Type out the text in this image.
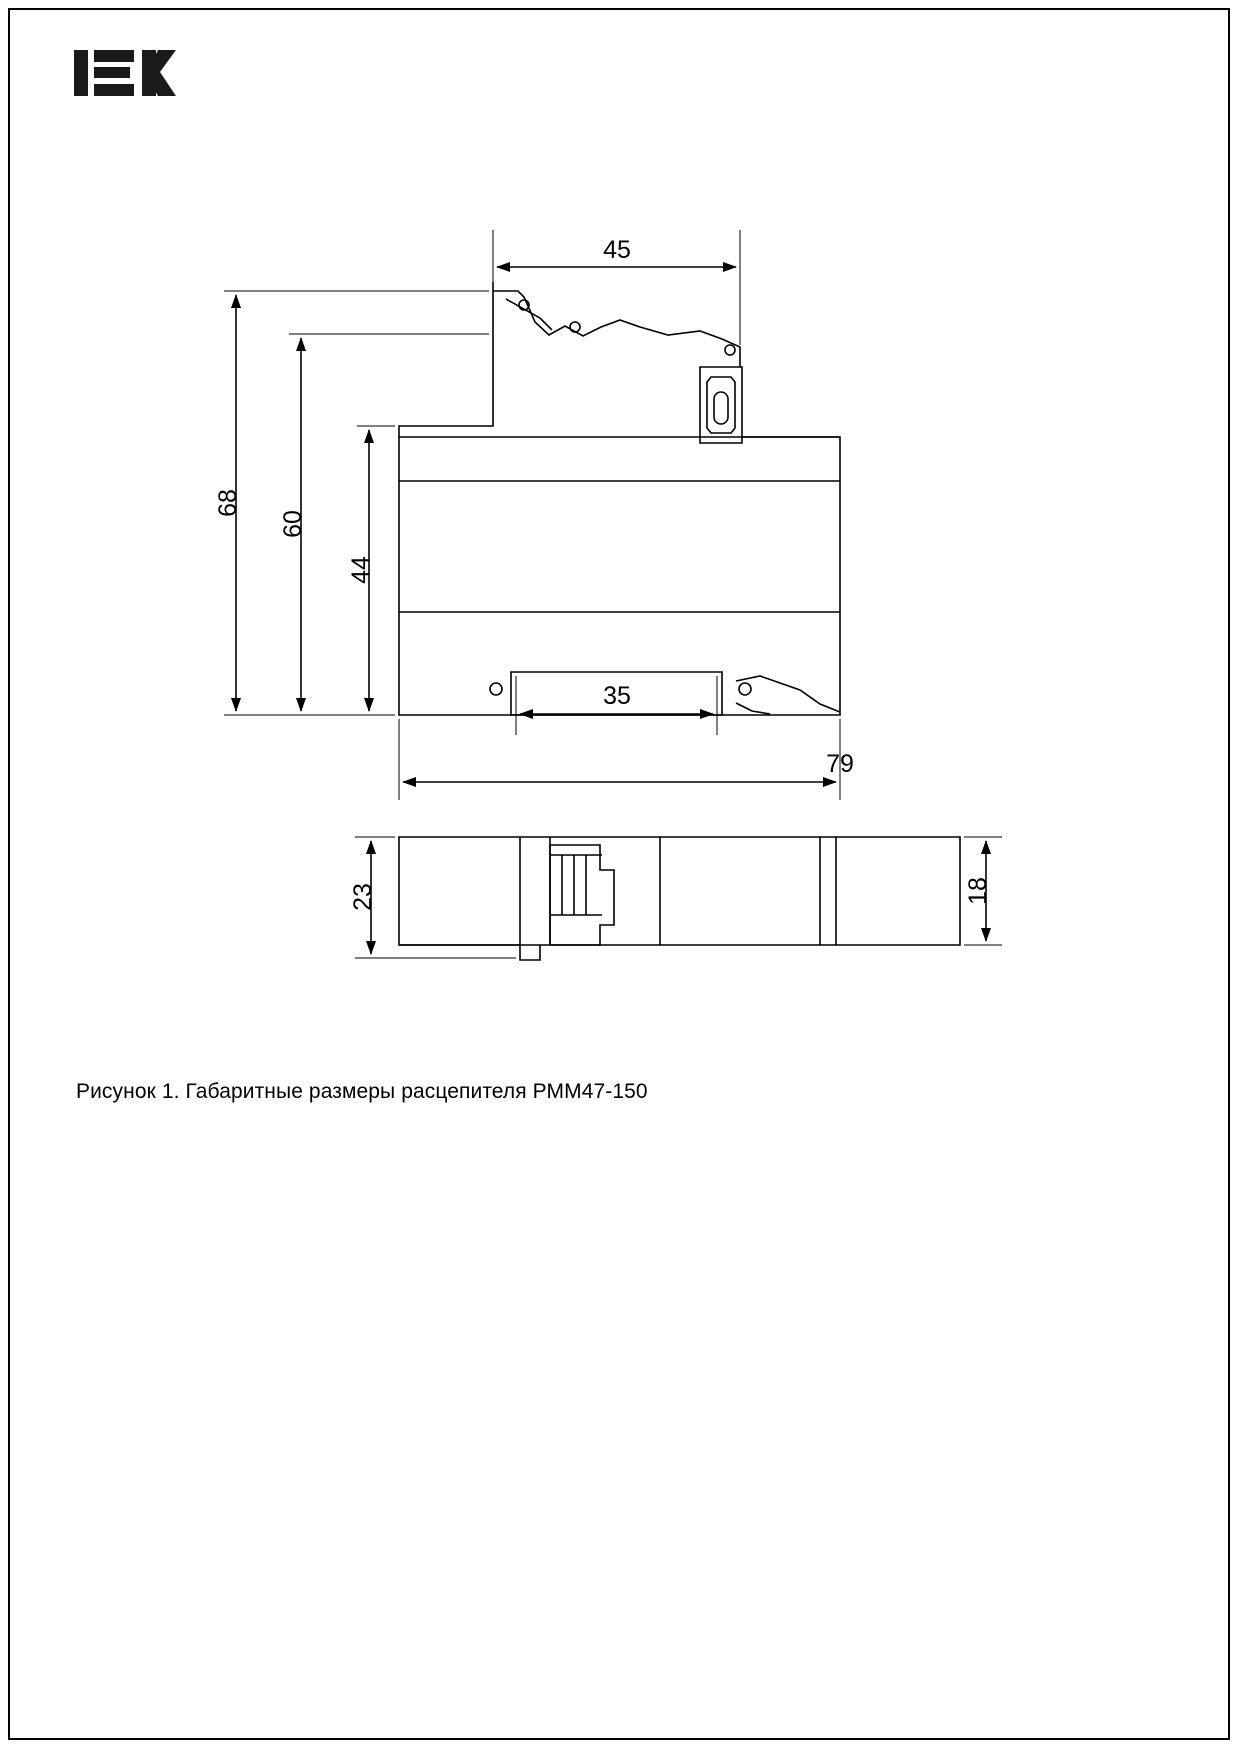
45
79
35
68
60
44
23	18
Рисунок 1. Габаритные размеры расцепителя РММ47-150
